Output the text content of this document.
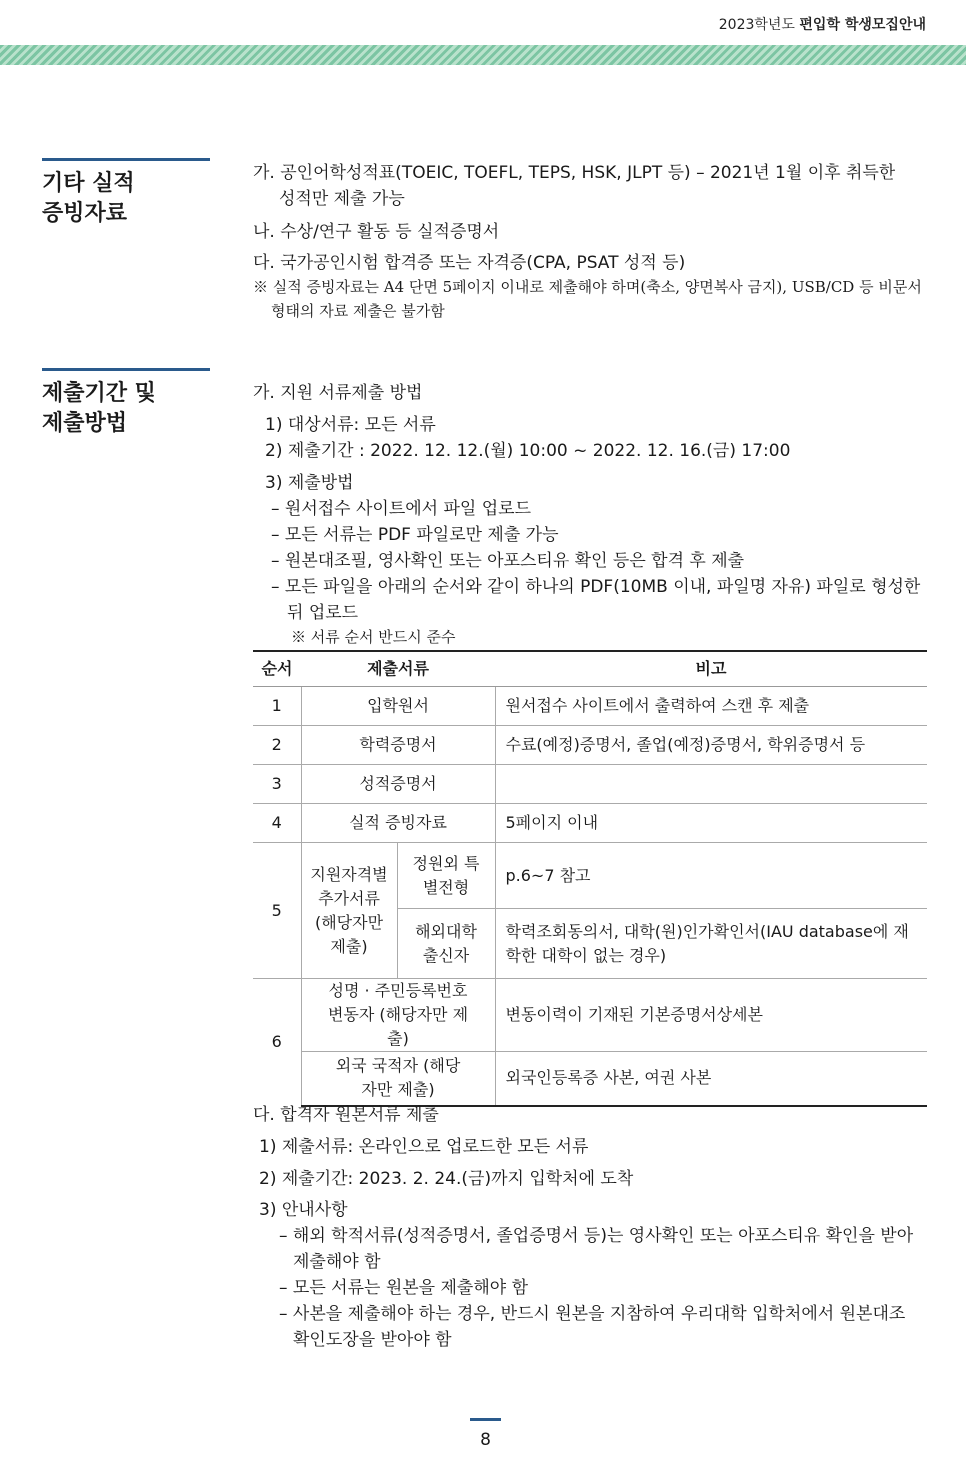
2023학년도 편입학 학생모집안내
기타 실적
증빙자료
가. 공인어학성적표(TOEIC, TOEFL, TEPS, HSK, JLPT 등) – 2021년 1월 이후 취득한
성적만 제출 가능
나. 수상/연구 활동 등 실적증명서
다. 국가공인시험 합격증 또는 자격증(CPA, PSAT 성적 등)
※ 실적 증빙자료는 A4 단면 5페이지 이내로 제출해야 하며(축소, 양면복사 금지), USB/CD 등 비문서
형태의 자료 제출은 불가함
제출기간 및
제출방법
가. 지원 서류제출 방법
1) 대상서류: 모든 서류
2) 제출기간 : 2022. 12. 12.(월) 10:00 ~ 2022. 12. 16.(금) 17:00
3) 제출방법
– 원서접수 사이트에서 파일 업로드
– 모든 서류는 PDF 파일로만 제출 가능
– 원본대조필, 영사확인 또는 아포스티유 확인 등은 합격 후 제출
– 모든 파일을 아래의 순서와 같이 하나의 PDF(10MB 이내, 파일명 자유) 파일로 형성한
뒤 업로드
※ 서류 순서 반드시 준수
순서	제출서류		비고
1	입학원서		원서접수 사이트에서 출력하여 스캔 후 제출
2	학력증명서		수료(예정)증명서, 졸업(예정)증명서, 학위증명서 등
3	성적증명서		
4	실적 증빙자료		5페이지 이내
5	지원자격별 추가서류 (해당자만 제출)	정원외 특별전형	p.6~7 참고
		해외대학 출신자	학력조회동의서, 대학(원)인가확인서(IAU database에 재학한 대학이 없는 경우)
6	성명 · 주민등록번호 변동자 (해당자만 제출)		변동이력이 기재된 기본증명서상세본
	외국 국적자 (해당자만 제출)		외국인등록증 사본, 여권 사본
다. 합격자 원본서류 제출
1) 제출서류: 온라인으로 업로드한 모든 서류
2) 제출기간: 2023. 2. 24.(금)까지 입학처에 도착
3) 안내사항
– 해외 학적서류(성적증명서, 졸업증명서 등)는 영사확인 또는 아포스티유 확인을 받아
제출해야 함
– 모든 서류는 원본을 제출해야 함
– 사본을 제출해야 하는 경우, 반드시 원본을 지참하여 우리대학 입학처에서 원본대조
확인도장을 받아야 함
8
